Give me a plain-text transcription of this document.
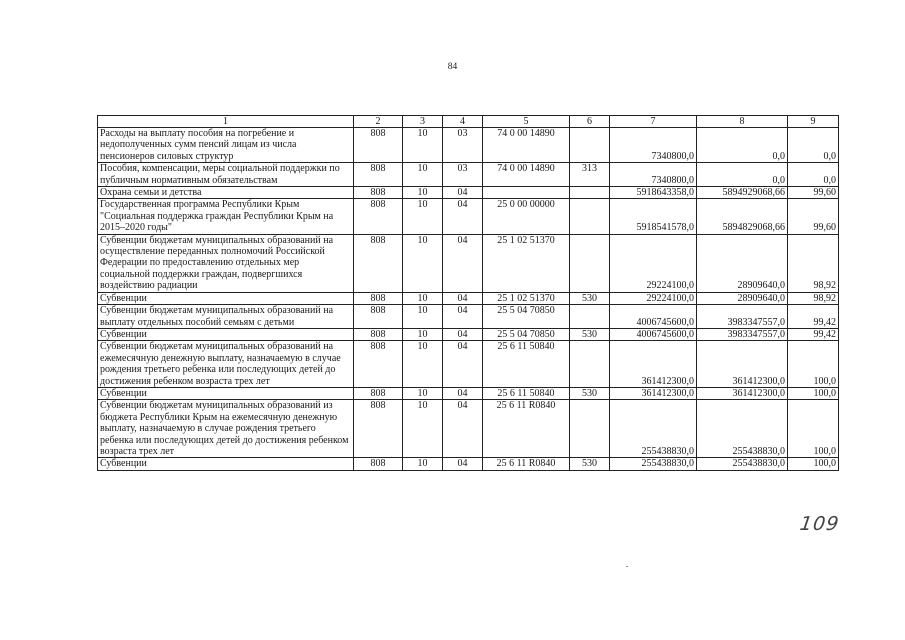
84
1	2	3	4	5	6	7	8	9
Расходы на выплату пособия на погребение и недополученных сумм пенсий лицам из числа пенсионеров силовых структур	808	10	03	74 0 00 14890		7340800,0	0,0	0,0
Пособия, компенсации, меры социальной поддержки по публичным нормативным обязательствам	808	10	03	74 0 00 14890	313	7340800,0	0,0	0,0
Охрана семьи и детства	808	10	04			5918643358,0	5894929068,66	99,60
Государственная программа Республики Крым "Социальная поддержка граждан Республики Крым на 2015–2020 годы"	808	10	04	25 0 00 00000		5918541578,0	5894829068,66	99,60
Субвенции бюджетам муниципальных образований на осуществление переданных полномочий Российской Федерации по предоставлению отдельных мер социальной поддержки граждан, подвергшихся воздействию радиации	808	10	04	25 1 02 51370		29224100,0	28909640,0	98,92
Субвенции	808	10	04	25 1 02 51370	530	29224100,0	28909640,0	98,92
Субвенции бюджетам муниципальных образований на выплату отдельных пособий семьям с детьми	808	10	04	25 5 04 70850		4006745600,0	3983347557,0	99,42
Субвенции	808	10	04	25 5 04 70850	530	4006745600,0	3983347557,0	99,42
Субвенции бюджетам муниципальных образований на ежемесячную денежную выплату, назначаемую в случае рождения третьего ребенка или последующих детей до достижения ребенком возраста трех лет	808	10	04	25 6 11 50840		361412300,0	361412300,0	100,0
Субвенции	808	10	04	25 6 11 50840	530	361412300,0	361412300,0	100,0
Субвенции бюджетам муниципальных образований из бюджета Республики Крым на ежемесячную денежную выплату, назначаемую в случае рождения третьего ребенка или последующих детей до достижения ребенком возраста трех лет	808	10	04	25 6 11 R0840		255438830,0	255438830,0	100,0
Субвенции	808	10	04	25 6 11 R0840	530	255438830,0	255438830,0	100,0
109
